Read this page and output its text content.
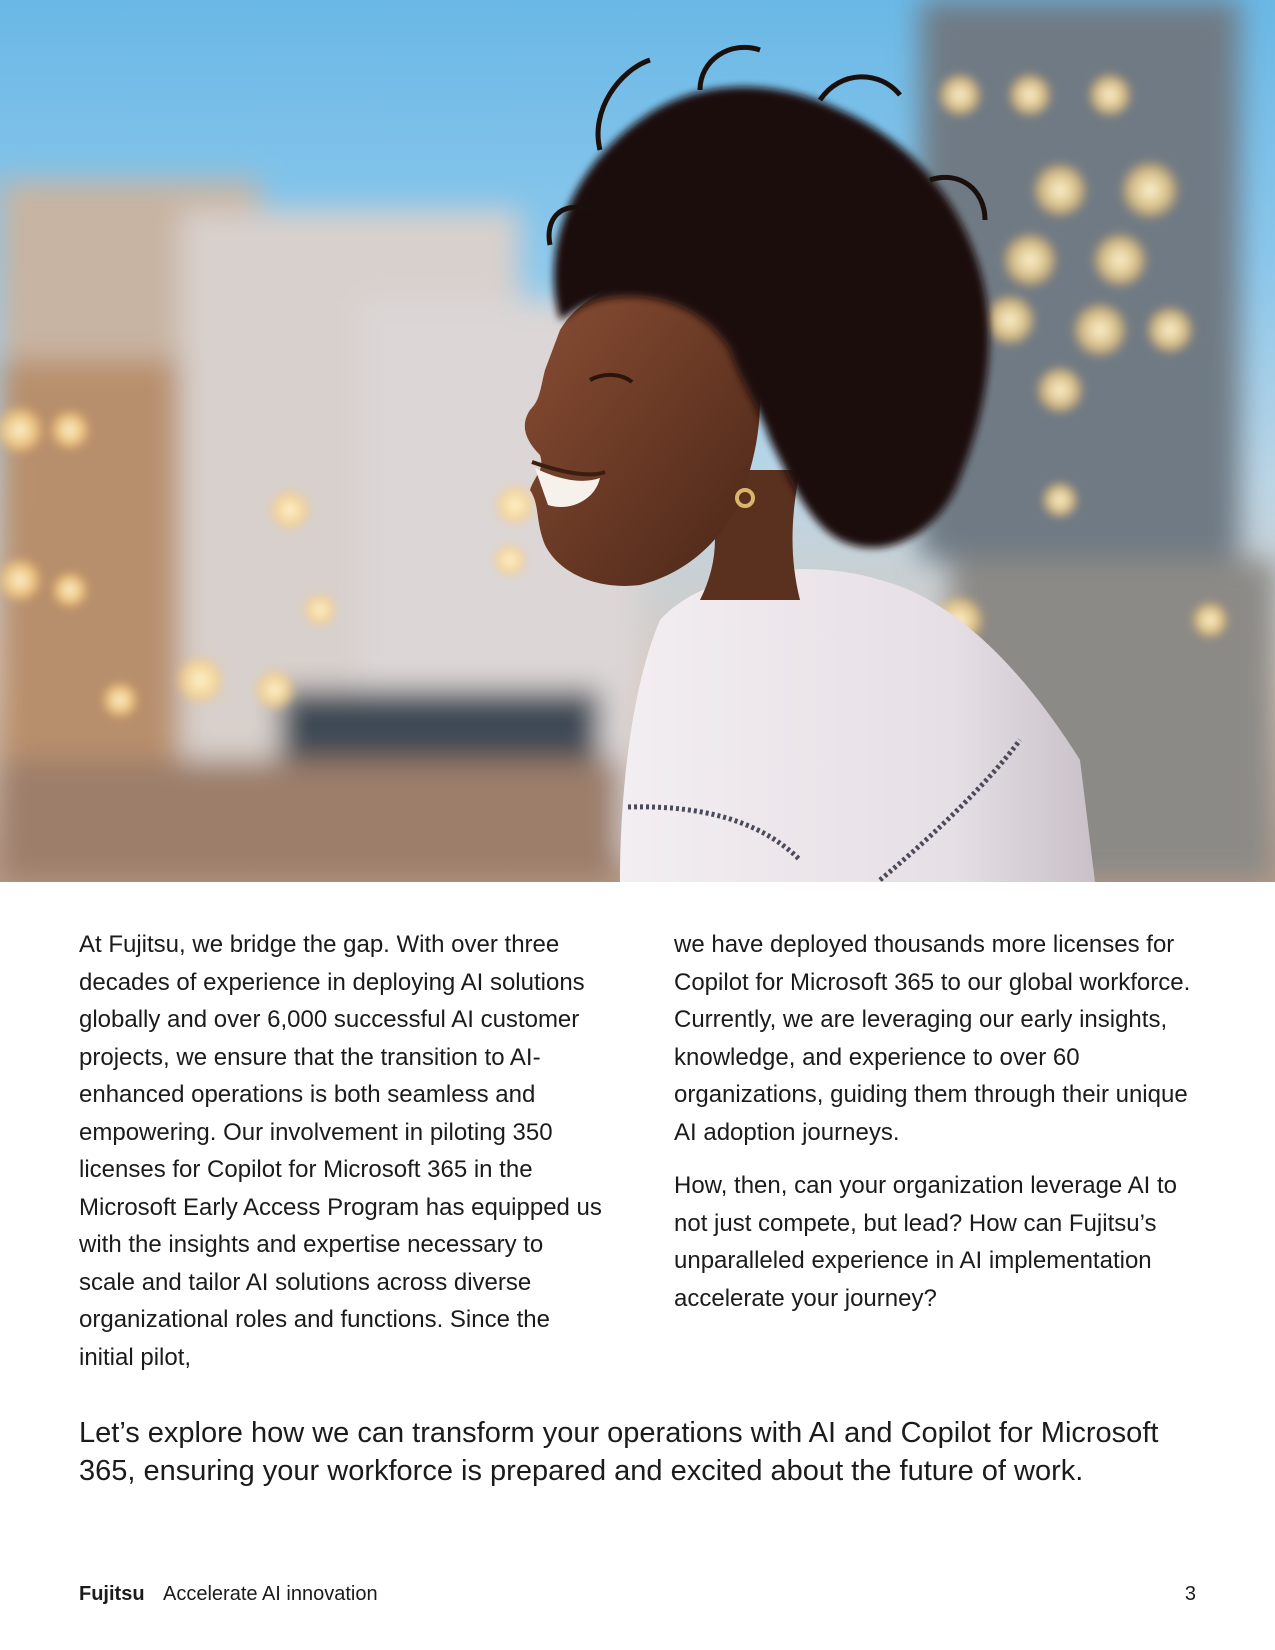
At Fujitsu, we bridge the gap. With over three decades of experience in deploying AI solutions globally and over 6,000 successful AI customer projects, we ensure that the transition to AI-enhanced operations is both seamless and empowering. Our involvement in piloting 350 licenses for Copilot for Microsoft 365 in the Microsoft Early Access Program has equipped us with the insights and expertise necessary to scale and tailor AI solutions across diverse organizational roles and functions. Since the initial pilot,

we have deployed thousands more licenses for Copilot for Microsoft 365 to our global workforce. Currently, we are leveraging our early insights, knowledge, and experience to over 60 organizations, guiding them through their unique AI adoption journeys.

How, then, can your organization leverage AI to not just compete, but lead? How can Fujitsu’s unparalleled experience in AI implementation accelerate your journey?

Let’s explore how we can transform your operations with AI and Copilot for Microsoft 365, ensuring your workforce is prepared and excited about the future of work.

Fujitsu Accelerate AI innovation	3
